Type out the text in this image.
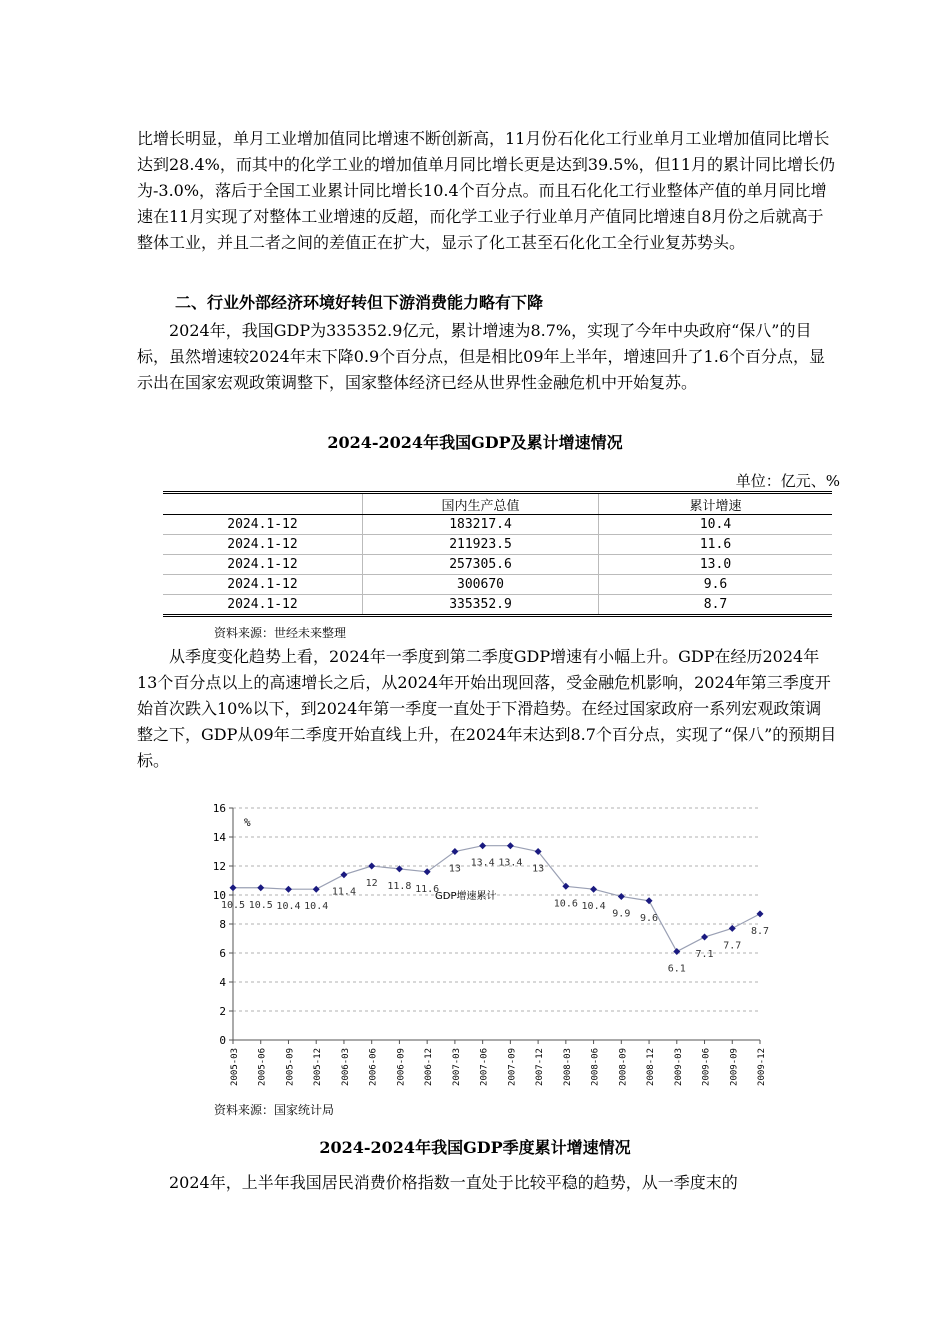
比增长明显，单月工业增加值同比增速不断创新高，11月份石化化工行业单月工业增加值同比增长达到28.4%，而其中的化学工业的增加值单月同比增长更是达到39.5%，但11月的累计同比增长仍为-3.0%，落后于全国工业累计同比增长10.4个百分点。而且石化化工行业整体产值的单月同比增速在11月实现了对整体工业增速的反超，而化学工业子行业单月产值同比增速自8月份之后就高于整体工业，并且二者之间的差值正在扩大，显示了化工甚至石化化工全行业复苏势头。

二、行业外部经济环境好转但下游消费能力略有下降

2024年，我国GDP为335352.9亿元，累计增速为8.7%，实现了今年中央政府“保八”的目标，虽然增速较2024年末下降0.9个百分点，但是相比09年上半年，增速回升了1.6个百分点，显示出在国家宏观政策调整下，国家整体经济已经从世界性金融危机中开始复苏。

2024-2024年我国GDP及累计增速情况

单位：亿元、%
	国内生产总值	累计增速
2024.1-12	183217.4	10.4
2024.1-12	211923.5	11.6
2024.1-12	257305.6	13.0
2024.1-12	300670	9.6
2024.1-12	335352.9	8.7
资料来源：世经未来整理

从季度变化趋势上看，2024年一季度到第二季度GDP增速有小幅上升。GDP在经历2024年13个百分点以上的高速增长之后，从2024年开始出现回落，受金融危机影响，2024年第三季度开始首次跌入10%以下，到2024年第一季度一直处于下滑趋势。在经过国家政府一系列宏观政策调整之下，GDP从09年二季度开始直线上升，在2024年末达到8.7个百分点，实现了“保八”的预期目标。

0
2
4
6
8
10
12
14
16
2005-03 2005-06 2005-09 2005-12 2006-03 2006-06 2006-09 2006-12 2007-03 2007-06 2007-09 2007-12 2008-03 2008-06 2008-09 2008-12 2009-03 2009-06 2009-09 2009-12
10.5 10.5 10.4 10.4
11.4
12 11.8 11.6
13
13.4 13.4
13
10.6 10.4
9.9 9.6
6.1
7.1
7.7
8.7
%
GDP增速累计
资料来源：国家统计局

2024-2024年我国GDP季度累计增速情况

2024年，上半年我国居民消费价格指数一直处于比较平稳的趋势，从一季度末的
